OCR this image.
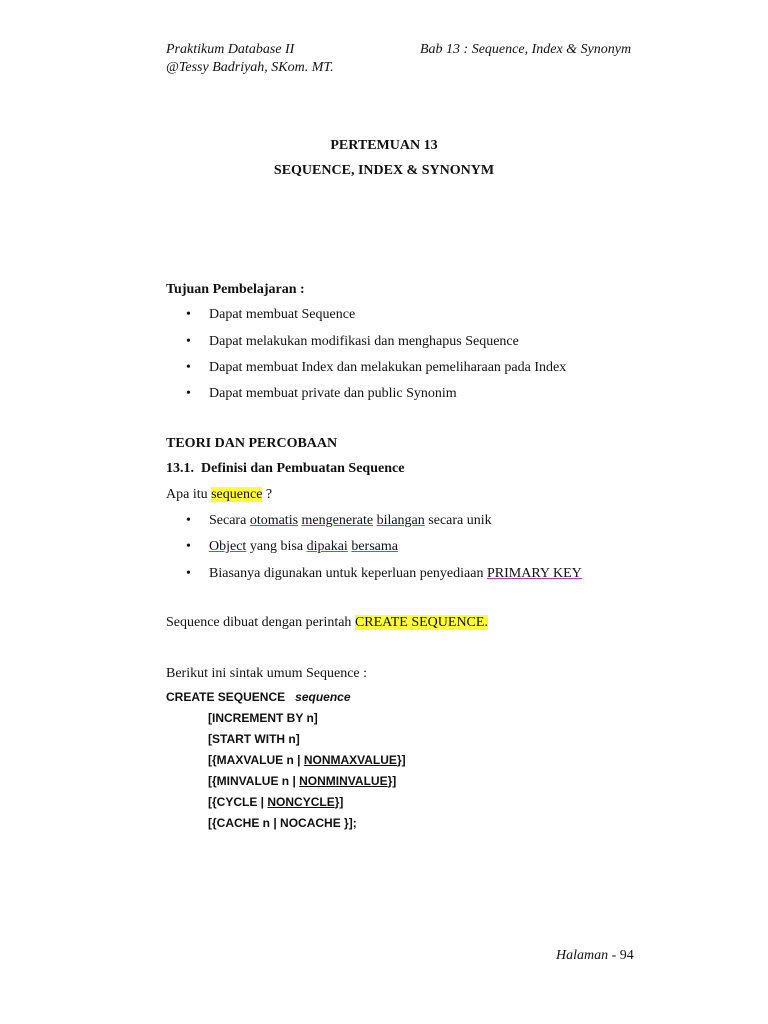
Praktikum Database II
@Tessy Badriyah, SKom. MT.
Bab 13 : Sequence, Index & Synonym
PERTEMUAN 13
SEQUENCE, INDEX & SYNONYM
Tujuan Pembelajaran :
• Dapat membuat Sequence
• Dapat melakukan modifikasi dan menghapus Sequence
• Dapat membuat Index dan melakukan pemeliharaan pada Index
• Dapat membuat private dan public Synonim
TEORI DAN PERCOBAAN
13.1. Definisi dan Pembuatan Sequence
Apa itu sequence ?
• Secara otomatis mengenerate bilangan secara unik
• Object yang bisa dipakai bersama
• Biasanya digunakan untuk keperluan penyediaan PRIMARY KEY
Sequence dibuat dengan perintah CREATE SEQUENCE.
Berikut ini sintak umum Sequence :
CREATE SEQUENCE sequence
[INCREMENT BY n]
[START WITH n]
[{MAXVALUE n | NONMAXVALUE}]
[{MINVALUE n | NONMINVALUE}]
[{CYCLE | NONCYCLE}]
[{CACHE n | NOCACHE }];
Halaman - 94
